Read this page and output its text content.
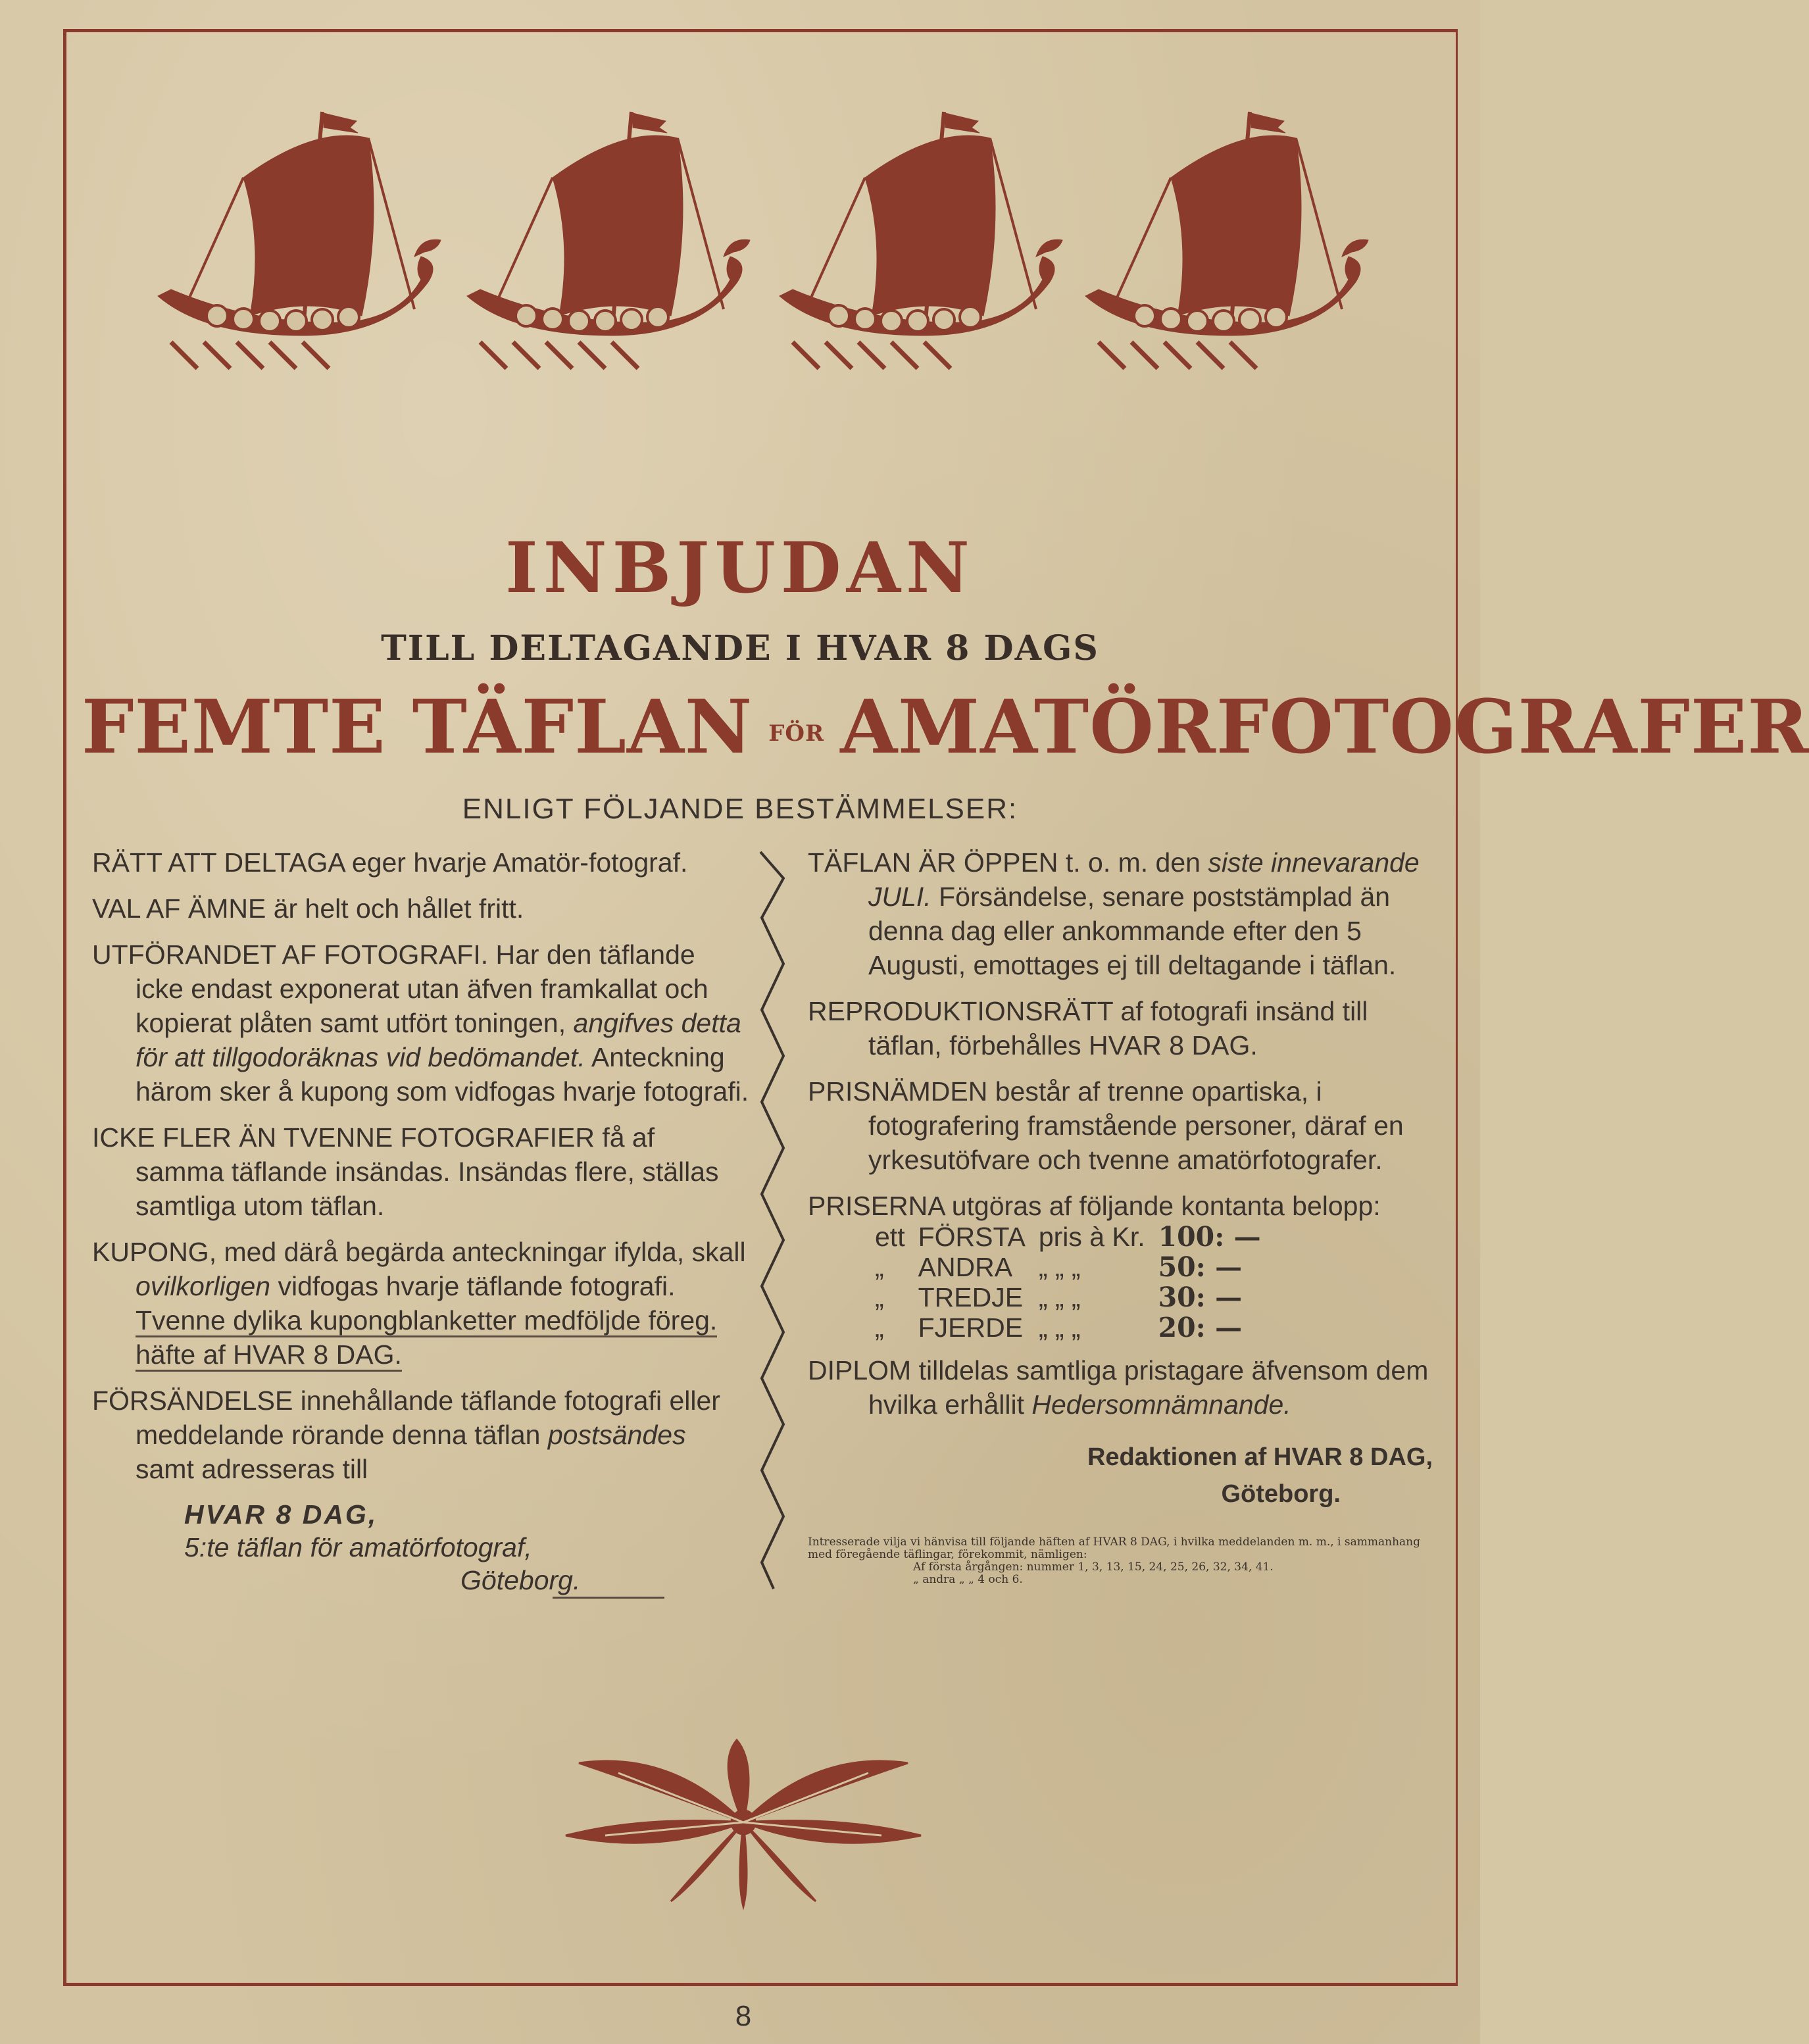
INBJUDAN
TILL DELTAGANDE I HVAR 8 DAGS
FEMTE TÄFLAN FÖR AMATÖRFOTOGRAFER
ENLIGT FÖLJANDE BESTÄMMELSER:

RÄTT ATT DELTAGA eger hvarje Amatör-fotograf.

VAL AF ÄMNE är helt och hållet fritt.

UTFÖRANDET AF FOTOGRAFI. Har den täflande icke endast exponerat utan äfven framkallat och kopierat plåten samt utfört toningen, angifves detta för att tillgodoräknas vid bedömandet. Anteckning härom sker å kupong som vidfogas hvarje fotografi.

ICKE FLER ÄN TVENNE FOTOGRAFIER få af samma täflande insändas. Insändas flere, ställas samtliga utom täflan.

KUPONG, med därå begärda anteckningar ifylda, skall ovilkorligen vidfogas hvarje täflande fotografi. Tvenne dylika kupongblanketter medföljde föreg. häfte af HVAR 8 DAG.

FÖRSÄNDELSE innehållande täflande fotografi eller meddelande rörande denna täflan postsändes samt adresseras till

HVAR 8 DAG,
5:te täflan för amatörfotograf,
Göteborg.

TÄFLAN ÄR ÖPPEN t. o. m. den siste innevarande JULI. Försändelse, senare poststämplad än denna dag eller ankommande efter den 5 Augusti, emottages ej till deltagande i täflan.

REPRODUKTIONSRÄTT af fotografi insänd till täflan, förbehålles HVAR 8 DAG.

PRISNÄMDEN består af trenne opartiska, i fotografering framstående personer, däraf en yrkesutöfvare och tvenne amatörfotografer.

PRISERNA utgöras af följande kontanta belopp:

ett	FÖRSTA	pris à Kr.	100: —
„	ANDRA	„ „ „	50: —
„	TREDJE	„ „ „	30: —
„	FJERDE	„ „ „	20: —

DIPLOM tilldelas samtliga pristagare äfvensom dem hvilka erhållit Hedersomnämnande.

Redaktionen af HVAR 8 DAG,
Göteborg.
Intresserade vilja vi hänvisa till följande häften af HVAR 8 DAG, i hvilka meddelanden m. m., i sammanhang med föregående täflingar, förekommit, nämligen:
Af första årgången: nummer 1, 3, 13, 15, 24, 25, 26, 32, 34, 41.
„ andra „ „ 4 och 6.
8
